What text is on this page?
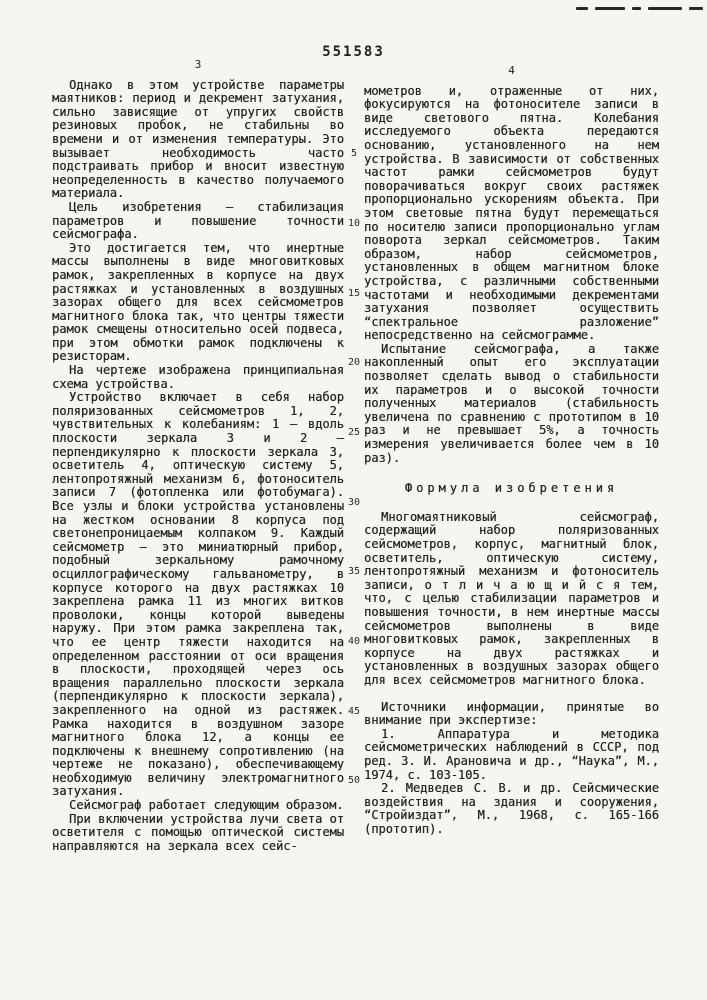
551583
3

Однако в этом устройстве параметры маятников: период и декремент затухания, сильно зависящие от упругих свойств резиновых пробок, не стабильны во времени и от изменения температуры. Это вызывает необходимость часто подстраивать прибор и вносит известную неопределенность в качество получаемого материала.

Цель изобретения — стабилизация параметров и повышение точности сейсмографа.

Это достигается тем, что инертные массы выполнены в виде многовитковых рамок, закрепленных в корпусе на двух растяжках и установленных в воздушных зазорах общего для всех сейсмометров магнитного блока так, что центры тяжести рамок смещены относительно осей подвеса, при этом обмотки рамок подключены к резисторам.

На чертеже изображена принципиальная схема устройства.

Устройство включает в себя набор поляризованных сейсмометров 1, 2, чувствительных к колебаниям: 1 — вдоль плоскости зеркала 3 и 2 — перпендикулярно к плоскости зеркала 3, осветитель 4, оптическую систему 5, лентопротяжный механизм 6, фотоноситель записи 7 (фотопленка или фотобумага). Все узлы и блоки устройства установлены на жестком основании 8 корпуса под светонепроницаемым колпаком 9. Каждый сейсмометр — это миниатюрный прибор, подобный зеркальному рамочному осциллографическому гальванометру, в корпусе которого на двух растяжках 10 закреплена рамка 11 из многих витков проволоки, концы которой выведены наружу. При этом рамка закреплена так, что ее центр тяжести находится на определенном расстоянии от оси вращения в плоскости, проходящей через ось вращения параллельно плоскости зеркала (перпендикулярно к плоскости зеркала), закрепленного на одной из растяжек. Рамка находится в воздушном зазоре магнитного блока 12, а концы ее подключены к внешнему сопротивлению (на чертеже не показано), обеспечивающему необходимую величину электромагнитного затухания.

Сейсмограф работает следующим образом.

При включении устройства лучи света от осветителя с помощью оптической системы направляются на зеркала всех сейс-

5
10
15
20
25
30
35
40
45
50
4

мометров и, отраженные от них, фокусируются на фотоносителе записи в виде светового пятна. Колебания исследуемого объекта передаются основанию, установленного на нем устройства. В зависимости от собственных частот рамки сейсмометров будут поворачиваться вокруг своих растяжек пропорционально ускорениям объекта. При этом световые пятна будут перемещаться по носителю записи пропорционально углам поворота зеркал сейсмометров. Таким образом, набор сейсмометров, установленных в общем магнитном блоке устройства, с различными собственными частотами и необходимыми декрементами затухания позволяет осуществить “спектральное разложение” непосредственно на сейсмограмме.

Испытание сейсмографа, а также накопленный опыт его эксплуатации позволяет сделать вывод о стабильности их параметров и о высокой точности полученных материалов (стабильность увеличена по сравнению с прототипом в 10 раз и не превышает 5%, а точность измерения увеличивается более чем в 10 раз).

Формула изобретения

Многомаятниковый сейсмограф, содержащий набор поляризованных сейсмометров, корпус, магнитный блок, осветитель, оптическую систему, лентопротяжный механизм и фотоноситель записи, о т л и ч а ю щ и й с я тем, что, с целью стабилизации параметров и повышения точности, в нем инертные массы сейсмометров выполнены в виде многовитковых рамок, закрепленных в корпусе на двух растяжках и установленных в воздушных зазорах общего для всех сейсмометров магнитного блока.

Источники информации, принятые во внимание при экспертизе:

1. Аппаратура и методика сейсмометрических наблюдений в СССР, под ред. З. И. Арановича и др., “Наука”, М., 1974, с. 103-105.

2. Медведев С. В. и др. Сейсмические воздействия на здания и сооружения, “Стройиздат”, М., 1968, с. 165-166 (прототип).
